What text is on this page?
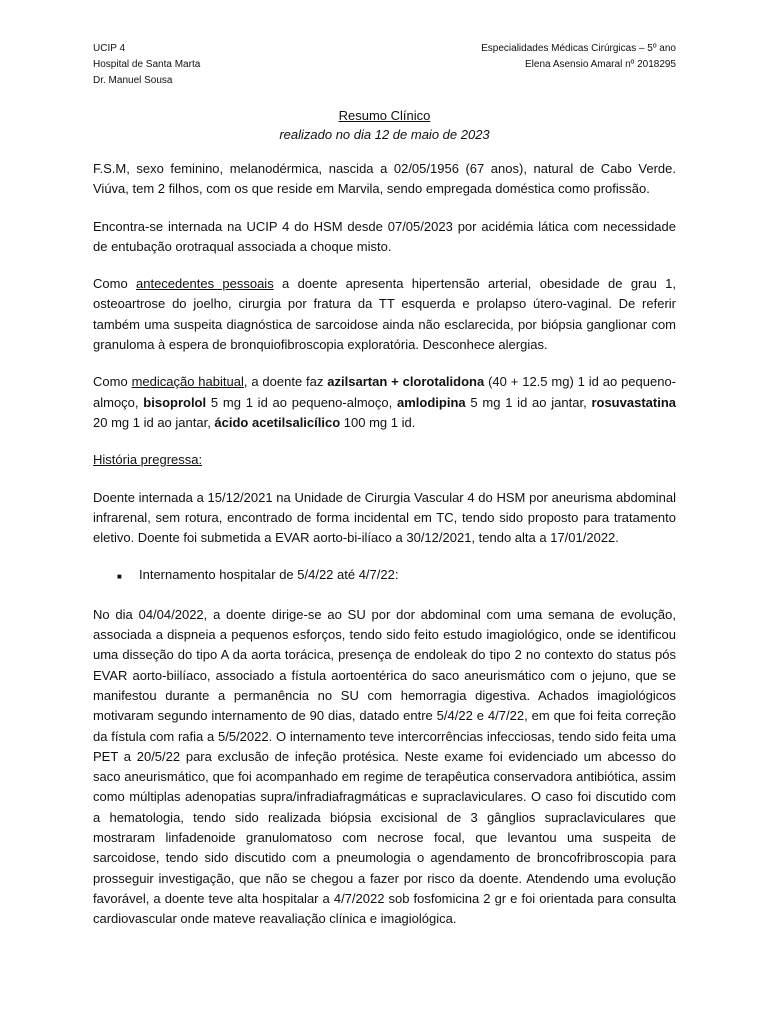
UCIP 4
Hospital de Santa Marta
Dr. Manuel Sousa
Especialidades Médicas Cirúrgicas – 5º ano
Elena Asensio Amaral nº 2018295
Resumo Clínico
realizado no dia 12 de maio de 2023

F.S.M, sexo feminino, melanodérmica, nascida a 02/05/1956 (67 anos), natural de Cabo Verde. Viúva, tem 2 filhos, com os que reside em Marvila, sendo empregada doméstica como profissão.

Encontra-se internada na UCIP 4 do HSM desde 07/05/2023 por acidémia lática com necessidade de entubação orotraqual associada a choque misto.

Como antecedentes pessoais a doente apresenta hipertensão arterial, obesidade de grau 1, osteoartrose do joelho, cirurgia por fratura da TT esquerda e prolapso útero-vaginal. De referir também uma suspeita diagnóstica de sarcoidose ainda não esclarecida, por biópsia ganglionar com granuloma à espera de bronquiofibroscopia exploratória. Desconhece alergias.

Como medicação habitual, a doente faz azilsartan + clorotalidona (40 + 12.5 mg) 1 id ao pequeno-almoço, bisoprolol 5 mg 1 id ao pequeno-almoço, amlodipina 5 mg 1 id ao jantar, rosuvastatina 20 mg 1 id ao jantar, ácido acetilsalicílico 100 mg 1 id.

História pregressa:

Doente internada a 15/12/2021 na Unidade de Cirurgia Vascular 4 do HSM por aneurisma abdominal infrarenal, sem rotura, encontrado de forma incidental em TC, tendo sido proposto para tratamento eletivo. Doente foi submetida a EVAR aorto-bi-ilíaco a 30/12/2021, tendo alta a 17/01/2022.

■	Internamento hospitalar de 5/4/22 até 4/7/22:

No dia 04/04/2022, a doente dirige-se ao SU por dor abdominal com uma semana de evolução, associada a dispneia a pequenos esforços, tendo sido feito estudo imagiológico, onde se identificou uma disseção do tipo A da aorta torácica, presença de endoleak do tipo 2 no contexto do status pós EVAR aorto-biilíaco, associado a fístula aortoentérica do saco aneurismático com o jejuno, que se manifestou durante a permanência no SU com hemorragia digestiva. Achados imagiológicos motivaram segundo internamento de 90 dias, datado entre 5/4/22 e 4/7/22, em que foi feita correção da fístula com rafia a 5/5/2022. O internamento teve intercorrências infecciosas, tendo sido feita uma PET a 20/5/22 para exclusão de infeção protésica. Neste exame foi evidenciado um abcesso do saco aneurismático, que foi acompanhado em regime de terapêutica conservadora antibiótica, assim como múltiplas adenopatias supra/infradiafragmáticas e supraclaviculares. O caso foi discutido com a hematologia, tendo sido realizada biópsia excisional de 3 gânglios supraclaviculares que mostraram linfadenoide granulomatoso com necrose focal, que levantou uma suspeita de sarcoidose, tendo sido discutido com a pneumologia o agendamento de broncofribroscopia para prosseguir investigação, que não se chegou a fazer por risco da doente. Atendendo uma evolução favorável, a doente teve alta hospitalar a 4/7/2022 sob fosfomicina 2 gr e foi orientada para consulta cardiovascular onde mateve reavaliação clínica e imagiológica.
